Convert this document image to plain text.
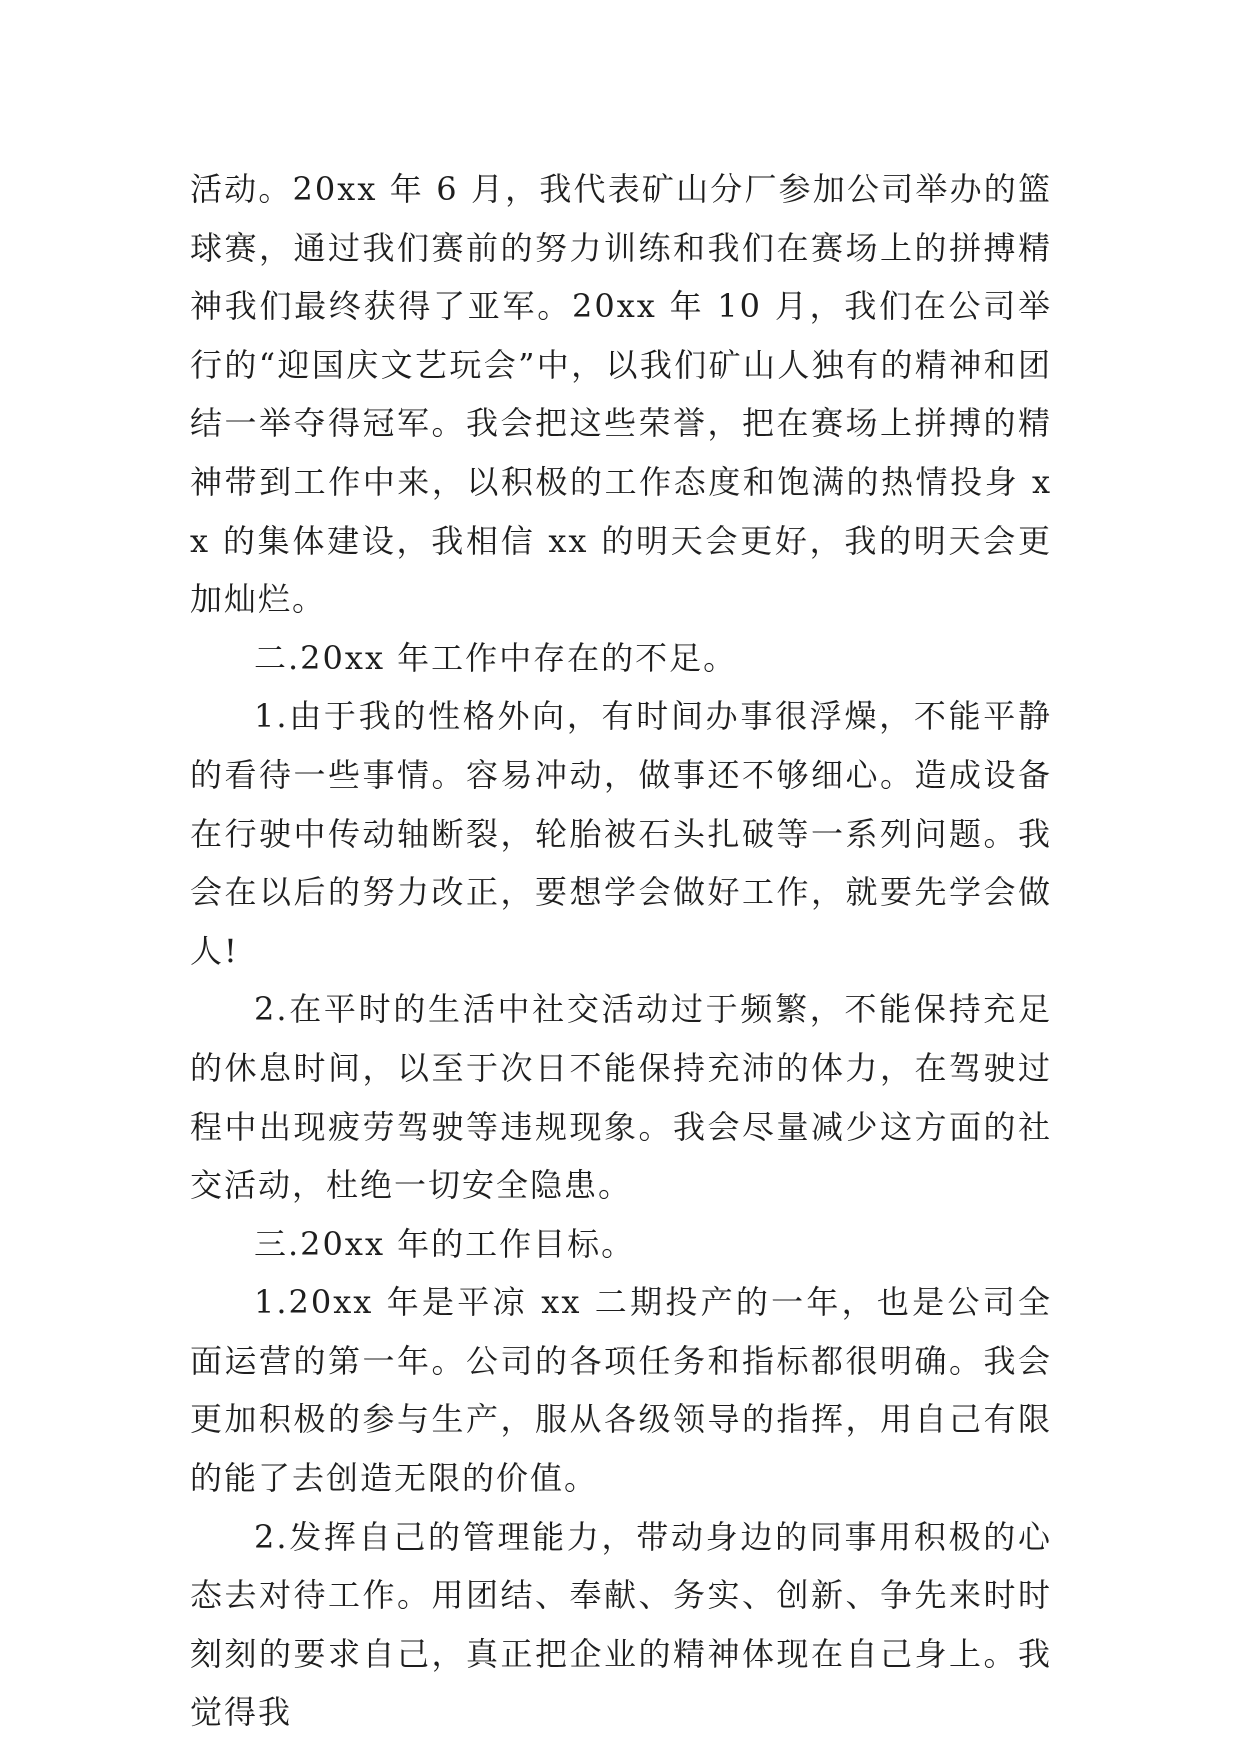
活动。20xx 年 6 月，我代表矿山分厂参加公司举办的篮球赛，通过我们赛前的努力训练和我们在赛场上的拼搏精神我们最终获得了亚军。20xx 年 10 月，我们在公司举行的“迎国庆文艺玩会”中，以我们矿山人独有的精神和团结一举夺得冠军。我会把这些荣誉，把在赛场上拼搏的精神带到工作中来，以积极的工作态度和饱满的热情投身 xx 的集体建设，我相信 xx 的明天会更好，我的明天会更加灿烂。

二.20xx 年工作中存在的不足。

1.由于我的性格外向，有时间办事很浮燥，不能平静的看待一些事情。容易冲动，做事还不够细心。造成设备在行驶中传动轴断裂，轮胎被石头扎破等一系列问题。我会在以后的努力改正，要想学会做好工作，就要先学会做人!

2.在平时的生活中社交活动过于频繁，不能保持充足的休息时间，以至于次日不能保持充沛的体力，在驾驶过程中出现疲劳驾驶等违规现象。我会尽量减少这方面的社交活动，杜绝一切安全隐患。

三.20xx 年的工作目标。

1.20xx 年是平凉 xx 二期投产的一年，也是公司全面运营的第一年。公司的各项任务和指标都很明确。我会更加积极的参与生产，服从各级领导的指挥，用自己有限的能了去创造无限的价值。

2.发挥自己的管理能力，带动身边的同事用积极的心态去对待工作。用团结、奉献、务实、创新、争先来时时刻刻的要求自己，真正把企业的精神体现在自己身上。我觉得我
